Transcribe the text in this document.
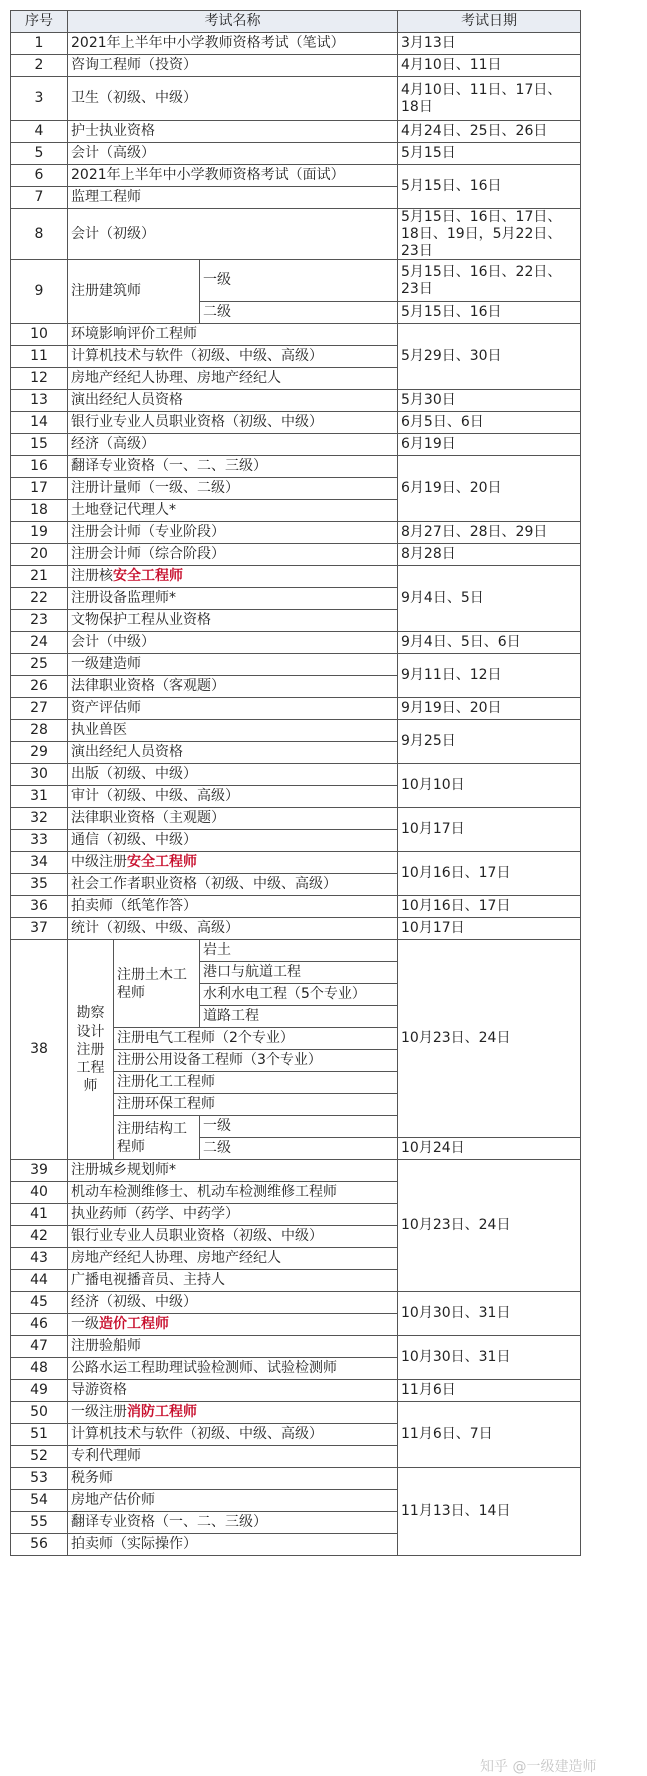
序号	考试名称			考试日期
1	2021年上半年中小学教师资格考试（笔试）			3月13日
2	咨询工程师（投资）			4月10日、11日
3	卫生（初级、中级）			4月10日、11日、17日、18日
4	护士执业资格			4月24日、25日、26日
5	会计（高级）			5月15日
6	2021年上半年中小学教师资格考试（面试）			5月15日、16日
7	监理工程师			
8	会计（初级）			5月15日、16日、17日、18日、19日，5月22日、23日
9	注册建筑师		一级	5月15日、16日、22日、23日
			二级	5月15日、16日
10	环境影响评价工程师			5月29日、30日
11	计算机技术与软件（初级、中级、高级）			
12	房地产经纪人协理、房地产经纪人			
13	演出经纪人员资格			5月30日
14	银行业专业人员职业资格（初级、中级）			6月5日、6日
15	经济（高级）			6月19日
16	翻译专业资格（一、二、三级）			6月19日、20日
17	注册计量师（一级、二级）			
18	土地登记代理人*			
19	注册会计师（专业阶段）			8月27日、28日、29日
20	注册会计师（综合阶段）			8月28日
21	注册核安全工程师			9月4日、5日
22	注册设备监理师*			
23	文物保护工程从业资格			
24	会计（中级）			9月4日、5日、6日
25	一级建造师			9月11日、12日
26	法律职业资格（客观题）			
27	资产评估师			9月19日、20日
28	执业兽医			9月25日
29	演出经纪人员资格			
30	出版（初级、中级）			10月10日
31	审计（初级、中级、高级）			
32	法律职业资格（主观题）			10月17日
33	通信（初级、中级）			
34	中级注册安全工程师			10月16日、17日
35	社会工作者职业资格（初级、中级、高级）			
36	拍卖师（纸笔作答）			10月16日、17日
37	统计（初级、中级、高级）			10月17日
38	勘察设计注册工程师	注册土木工程师	岩土	10月23日、24日
			港口与航道工程	
			水利水电工程（5个专业）	
			道路工程	
		注册电气工程师（2个专业）		
		注册公用设备工程师（3个专业）		
		注册化工工程师		
		注册环保工程师		
		注册结构工程师	一级	
			二级	10月24日
39	注册城乡规划师*			10月23日、24日
40	机动车检测维修士、机动车检测维修工程师			
41	执业药师（药学、中药学）			
42	银行业专业人员职业资格（初级、中级）			
43	房地产经纪人协理、房地产经纪人			
44	广播电视播音员、主持人			
45	经济（初级、中级）			10月30日、31日
46	一级造价工程师			
47	注册验船师			10月30日、31日
48	公路水运工程助理试验检测师、试验检测师			
49	导游资格			11月6日
50	一级注册消防工程师			11月6日、7日
51	计算机技术与软件（初级、中级、高级）			
52	专利代理师			
53	税务师			11月13日、14日
54	房地产估价师			
55	翻译专业资格（一、二、三级）			
56	拍卖师（实际操作）			
知乎 @一级建造师
